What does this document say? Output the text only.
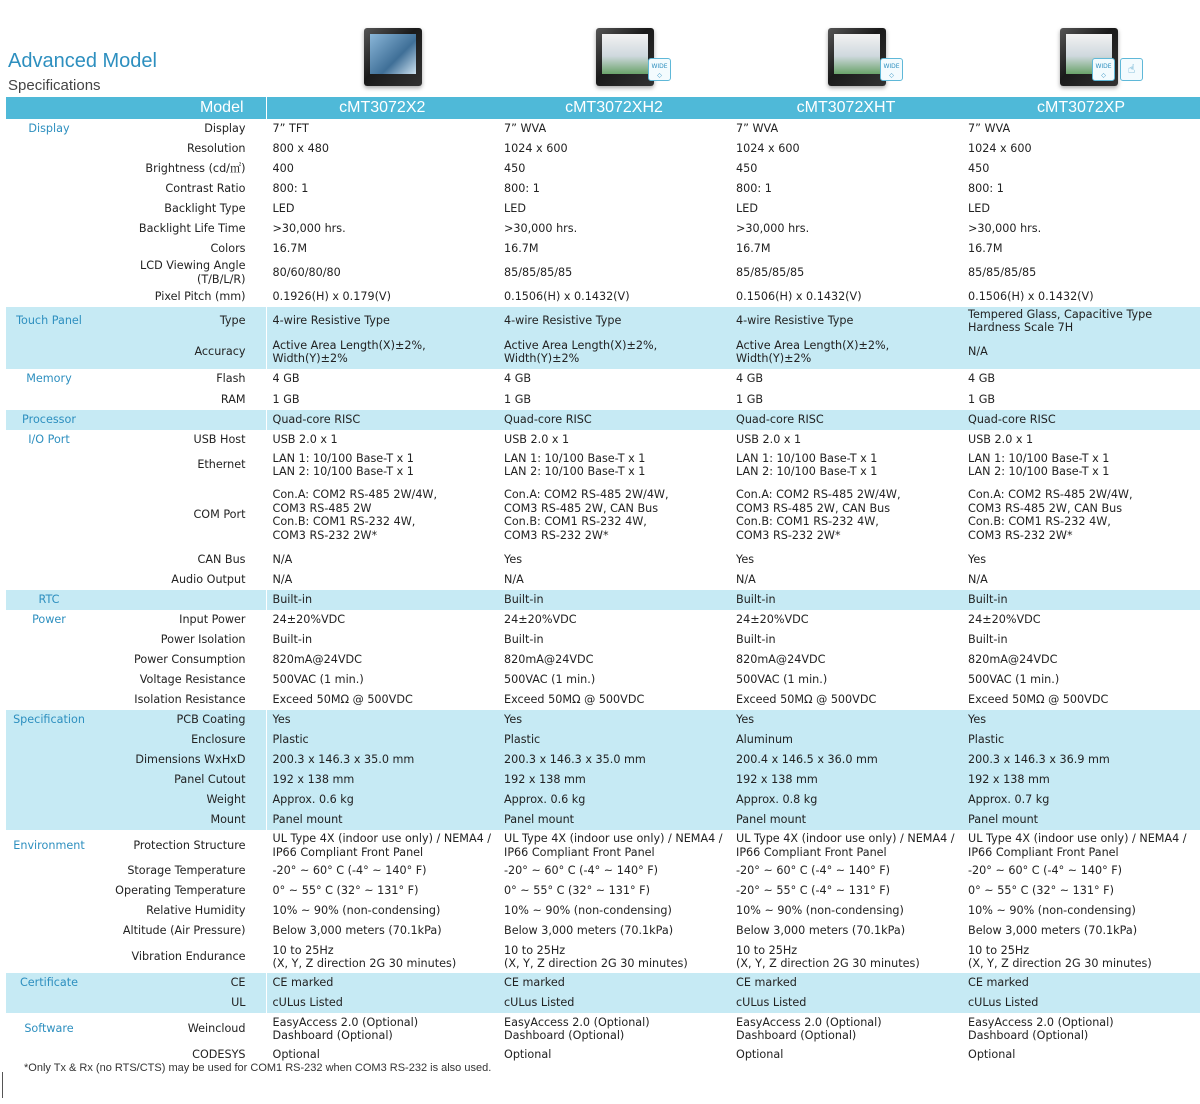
Advanced Model
Specifications
WIDE
◇
WIDE
◇
WIDE
◇	☝
Model		cMT3072X2	cMT3072XH2	cMT3072XHT	cMT3072XP
Display	Display	7” TFT	7” WVA	7” WVA	7” WVA
	Resolution	800 x 480	1024 x 600	1024 x 600	1024 x 600
	Brightness (cd/㎡)	400	450	450	450
	Contrast Ratio	800: 1	800: 1	800: 1	800: 1
	Backlight Type	LED	LED	LED	LED
	Backlight Life Time	>30,000 hrs.	>30,000 hrs.	>30,000 hrs.	>30,000 hrs.
	Colors	16.7M	16.7M	16.7M	16.7M
	LCD Viewing Angle (T/B/L/R)	80/60/80/80	85/85/85/85	85/85/85/85	85/85/85/85
	Pixel Pitch (mm)	0.1926(H) x 0.179(V)	0.1506(H) x 0.1432(V)	0.1506(H) x 0.1432(V)	0.1506(H) x 0.1432(V)
Touch Panel	Type	4-wire Resistive Type	4-wire Resistive Type	4-wire Resistive Type	Tempered Glass, Capacitive Type
Hardness Scale 7H
	Accuracy	Active Area Length(X)±2%,
Width(Y)±2%	Active Area Length(X)±2%,
Width(Y)±2%	Active Area Length(X)±2%,
Width(Y)±2%	N/A
Memory	Flash	4 GB	4 GB	4 GB	4 GB
	RAM	1 GB	1 GB	1 GB	1 GB
Processor		Quad-core RISC	Quad-core RISC	Quad-core RISC	Quad-core RISC
I/O Port	USB Host	USB 2.0 x 1	USB 2.0 x 1	USB 2.0 x 1	USB 2.0 x 1
	Ethernet	LAN 1: 10/100 Base-T x 1
LAN 2: 10/100 Base-T x 1	LAN 1: 10/100 Base-T x 1
LAN 2: 10/100 Base-T x 1	LAN 1: 10/100 Base-T x 1
LAN 2: 10/100 Base-T x 1	LAN 1: 10/100 Base-T x 1
LAN 2: 10/100 Base-T x 1
	COM Port	Con.A: COM2 RS-485 2W/4W,
COM3 RS-485 2W
Con.B: COM1 RS-232 4W,
COM3 RS-232 2W*	Con.A: COM2 RS-485 2W/4W,
COM3 RS-485 2W, CAN Bus
Con.B: COM1 RS-232 4W,
COM3 RS-232 2W*	Con.A: COM2 RS-485 2W/4W,
COM3 RS-485 2W, CAN Bus
Con.B: COM1 RS-232 4W,
COM3 RS-232 2W*	Con.A: COM2 RS-485 2W/4W,
COM3 RS-485 2W, CAN Bus
Con.B: COM1 RS-232 4W,
COM3 RS-232 2W*
	CAN Bus	N/A	Yes	Yes	Yes
	Audio Output	N/A	N/A	N/A	N/A
RTC		Built-in	Built-in	Built-in	Built-in
Power	Input Power	24±20%VDC	24±20%VDC	24±20%VDC	24±20%VDC
	Power Isolation	Built-in	Built-in	Built-in	Built-in
	Power Consumption	820mA@24VDC	820mA@24VDC	820mA@24VDC	820mA@24VDC
	Voltage Resistance	500VAC (1 min.)	500VAC (1 min.)	500VAC (1 min.)	500VAC (1 min.)
	Isolation Resistance	Exceed 50MΩ @ 500VDC	Exceed 50MΩ @ 500VDC	Exceed 50MΩ @ 500VDC	Exceed 50MΩ @ 500VDC
Specification	PCB Coating	Yes	Yes	Yes	Yes
	Enclosure	Plastic	Plastic	Aluminum	Plastic
	Dimensions WxHxD	200.3 x 146.3 x 35.0 mm	200.3 x 146.3 x 35.0 mm	200.4 x 146.5 x 36.0 mm	200.3 x 146.3 x 36.9 mm
	Panel Cutout	192 x 138 mm	192 x 138 mm	192 x 138 mm	192 x 138 mm
	Weight	Approx. 0.6 kg	Approx. 0.6 kg	Approx. 0.8 kg	Approx. 0.7 kg
	Mount	Panel mount	Panel mount	Panel mount	Panel mount
Environment	Protection Structure	UL Type 4X (indoor use only) / NEMA4 /
IP66 Compliant Front Panel	UL Type 4X (indoor use only) / NEMA4 /
IP66 Compliant Front Panel	UL Type 4X (indoor use only) / NEMA4 /
IP66 Compliant Front Panel	UL Type 4X (indoor use only) / NEMA4 /
IP66 Compliant Front Panel
	Storage Temperature	-20° ~ 60° C (-4° ~ 140° F)	-20° ~ 60° C (-4° ~ 140° F)	-20° ~ 60° C (-4° ~ 140° F)	-20° ~ 60° C (-4° ~ 140° F)
	Operating Temperature	0° ~ 55° C (32° ~ 131° F)	0° ~ 55° C (32° ~ 131° F)	-20° ~ 55° C (-4° ~ 131° F)	0° ~ 55° C (32° ~ 131° F)
	Relative Humidity	10% ~ 90% (non-condensing)	10% ~ 90% (non-condensing)	10% ~ 90% (non-condensing)	10% ~ 90% (non-condensing)
	Altitude (Air Pressure)	Below 3,000 meters (70.1kPa)	Below 3,000 meters (70.1kPa)	Below 3,000 meters (70.1kPa)	Below 3,000 meters (70.1kPa)
	Vibration Endurance	10 to 25Hz
(X, Y, Z direction 2G 30 minutes)	10 to 25Hz
(X, Y, Z direction 2G 30 minutes)	10 to 25Hz
(X, Y, Z direction 2G 30 minutes)	10 to 25Hz
(X, Y, Z direction 2G 30 minutes)
Certificate	CE	CE marked	CE marked	CE marked	CE marked
	UL	cULus Listed	cULus Listed	cULus Listed	cULus Listed
Software	Weincloud	EasyAccess 2.0 (Optional)
Dashboard (Optional)	EasyAccess 2.0 (Optional)
Dashboard (Optional)	EasyAccess 2.0 (Optional)
Dashboard (Optional)	EasyAccess 2.0 (Optional)
Dashboard (Optional)
	CODESYS	Optional	Optional	Optional	Optional
*Only Tx & Rx (no RTS/CTS) may be used for COM1 RS-232 when COM3 RS-232 is also used.
